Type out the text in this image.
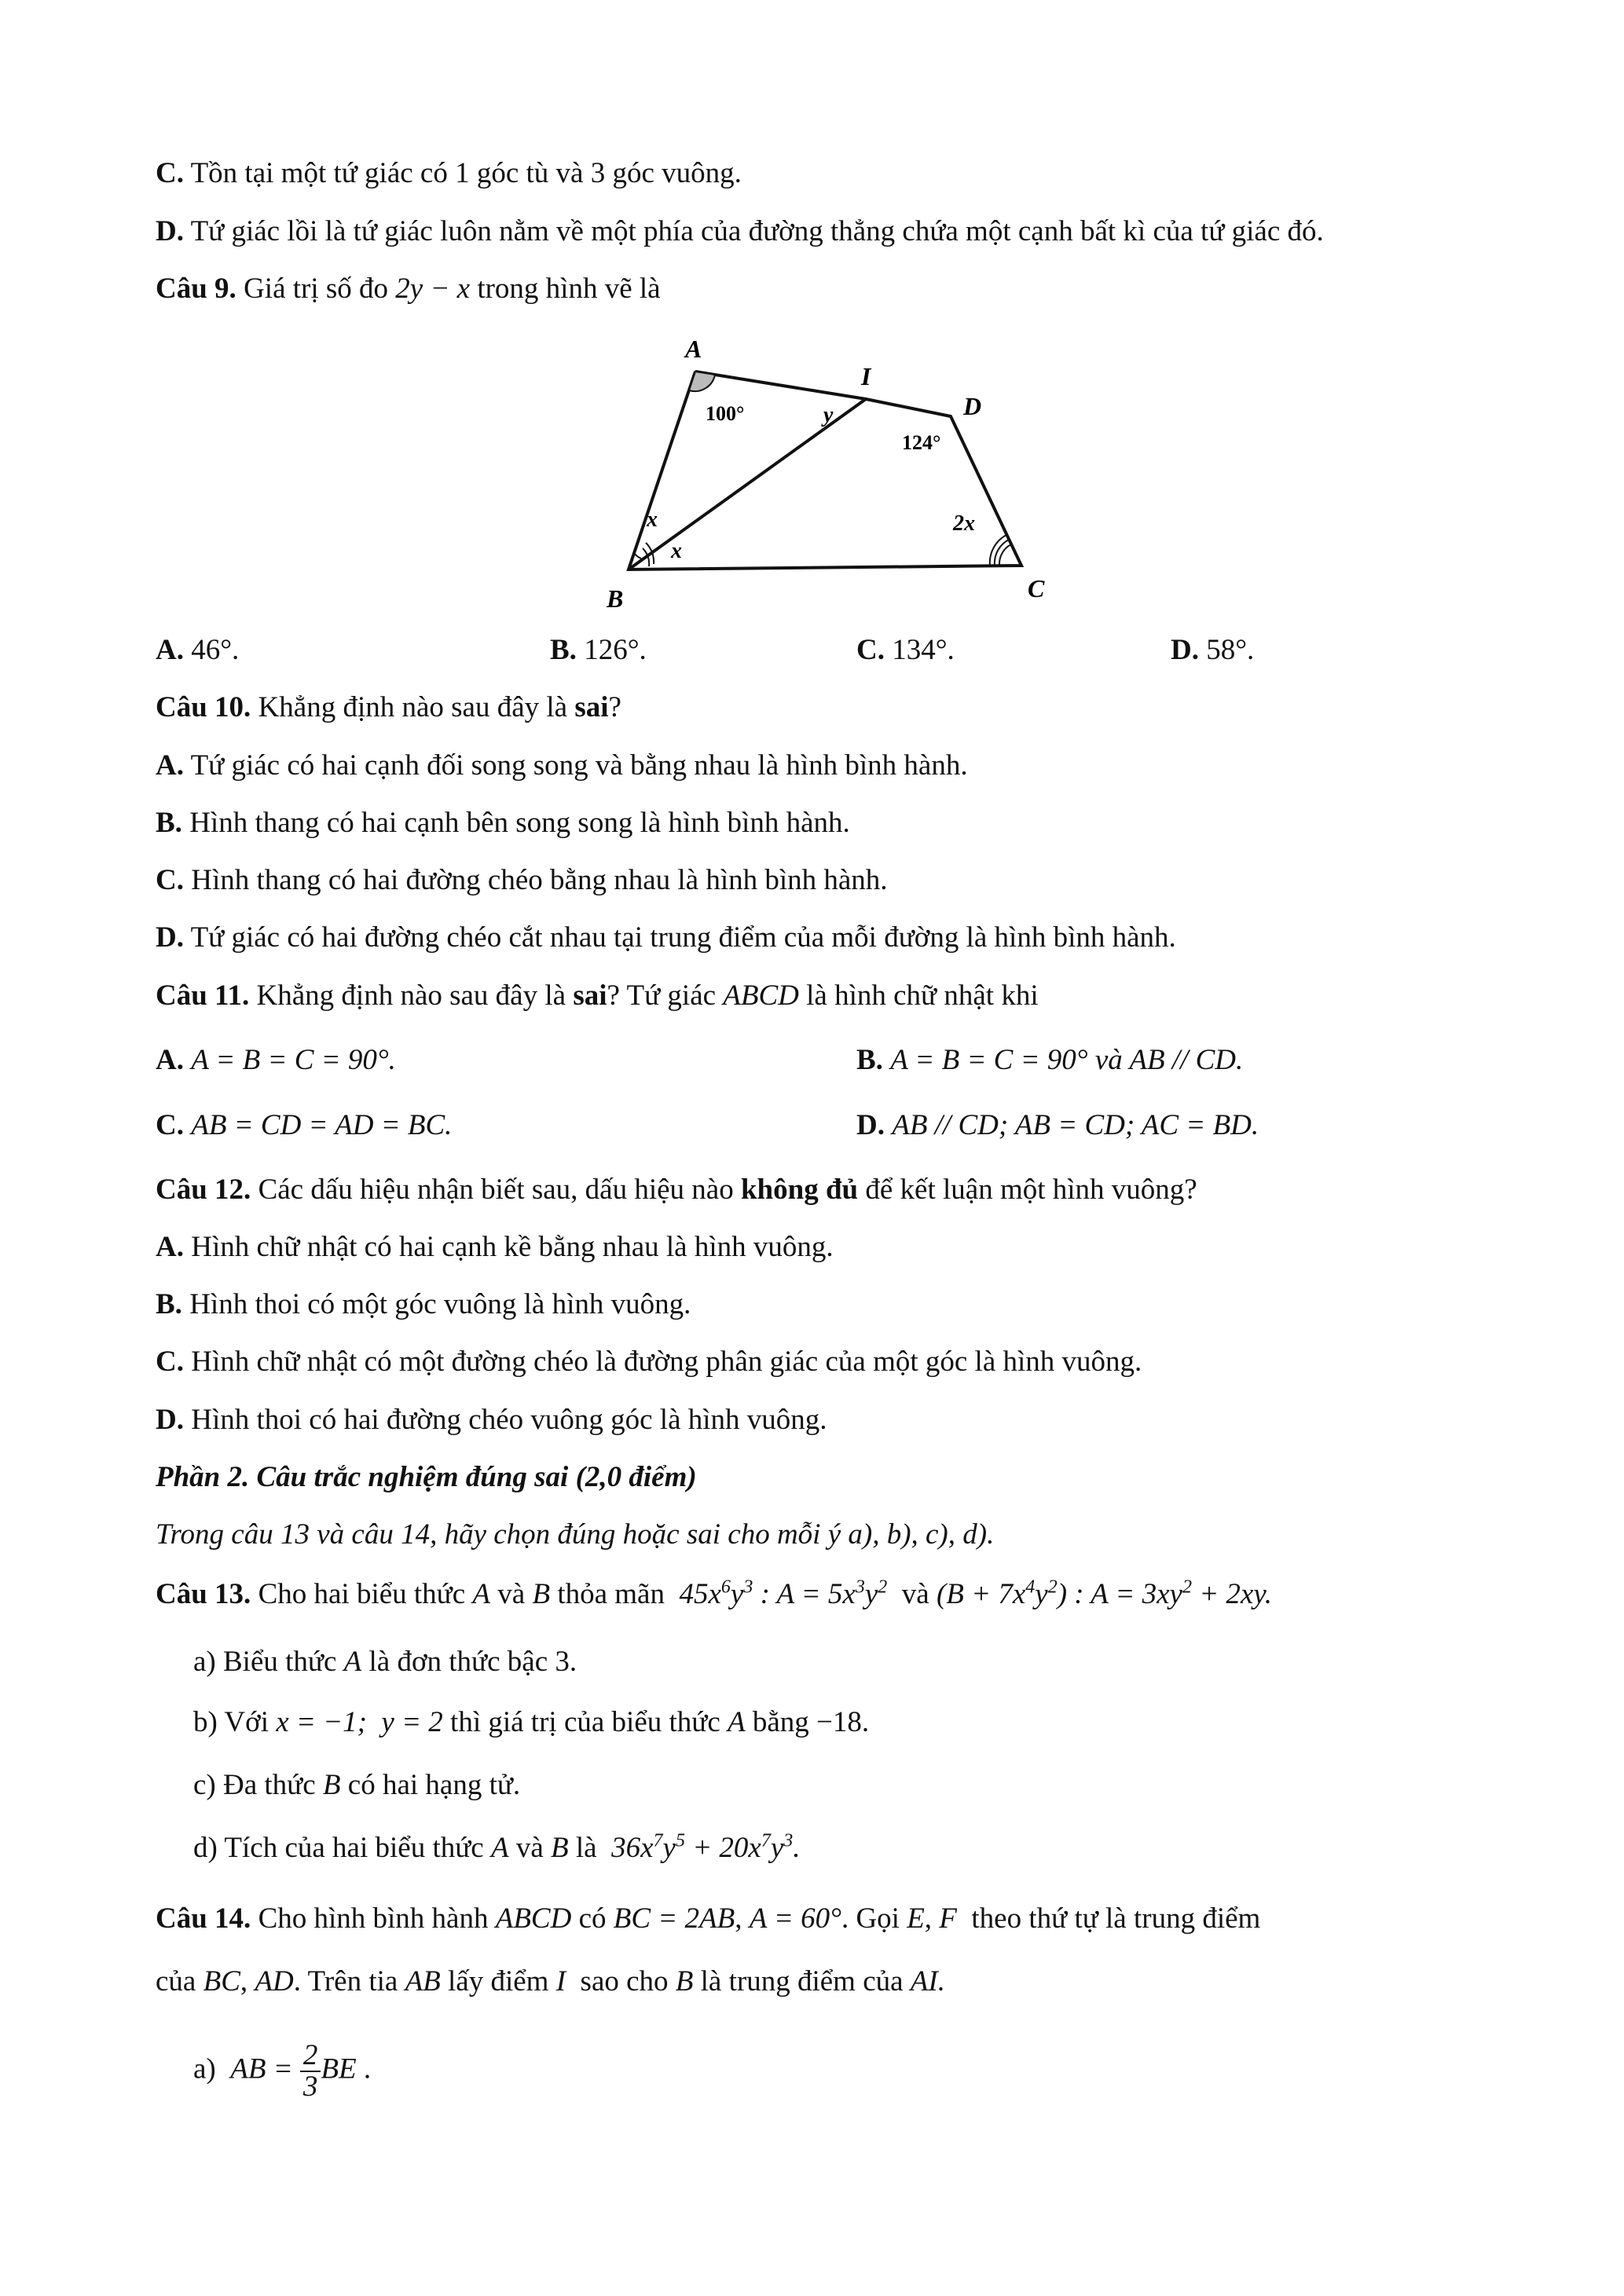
C. Tồn tại một tứ giác có 1 góc tù và 3 góc vuông.
D. Tứ giác lồi là tứ giác luôn nằm về một phía của đường thẳng chứa một cạnh bất kì của tứ giác đó.
Câu 9. Giá trị số đo 2y − x trong hình vẽ là
A
I
D
B	C
100°	y
124°
x
x
2x
A. 46°.	B. 126°.	C. 134°.	D. 58°.
Câu 10. Khẳng định nào sau đây là sai?
A. Tứ giác có hai cạnh đối song song và bằng nhau là hình bình hành.
B. Hình thang có hai cạnh bên song song là hình bình hành.
C. Hình thang có hai đường chéo bằng nhau là hình bình hành.
D. Tứ giác có hai đường chéo cắt nhau tại trung điểm của mỗi đường là hình bình hành.
Câu 11. Khẳng định nào sau đây là sai? Tứ giác ABCD là hình chữ nhật khi
A. A = B = C = 90°.	B. A = B = C = 90° và AB // CD.
C. AB = CD = AD = BC.	D. AB // CD; AB = CD; AC = BD.
Câu 12. Các dấu hiệu nhận biết sau, dấu hiệu nào không đủ để kết luận một hình vuông?
A. Hình chữ nhật có hai cạnh kề bằng nhau là hình vuông.
B. Hình thoi có một góc vuông là hình vuông.
C. Hình chữ nhật có một đường chéo là đường phân giác của một góc là hình vuông.
D. Hình thoi có hai đường chéo vuông góc là hình vuông.
Phần 2. Câu trắc nghiệm đúng sai (2,0 điểm)
Trong câu 13 và câu 14, hãy chọn đúng hoặc sai cho mỗi ý a), b), c), d).
Câu 13. Cho hai biểu thức A và B thỏa mãn $45x^6y^3$ : $A = 5x^3y^2$ và $(B + 7x^4y^2)$ : $A = 3xy^2 + 2xy$.
a) Biểu thức A là đơn thức bậc 3.
b) Với x = −1;  y = 2 thì giá trị của biểu thức A bằng −18.
c) Đa thức B có hai hạng tử.
d) Tích của hai biểu thức A và B là  $36x^7y^5 + 20x^7y^3$.
Câu 14. Cho hình bình hành ABCD có BC = 2AB, A = 60°. Gọi E, F theo thứ tự là trung điểm
của BC, AD. Trên tia AB lấy điểm I sao cho B là trung điểm của AI.
a) AB = $\frac{2}{3}$ BE .
